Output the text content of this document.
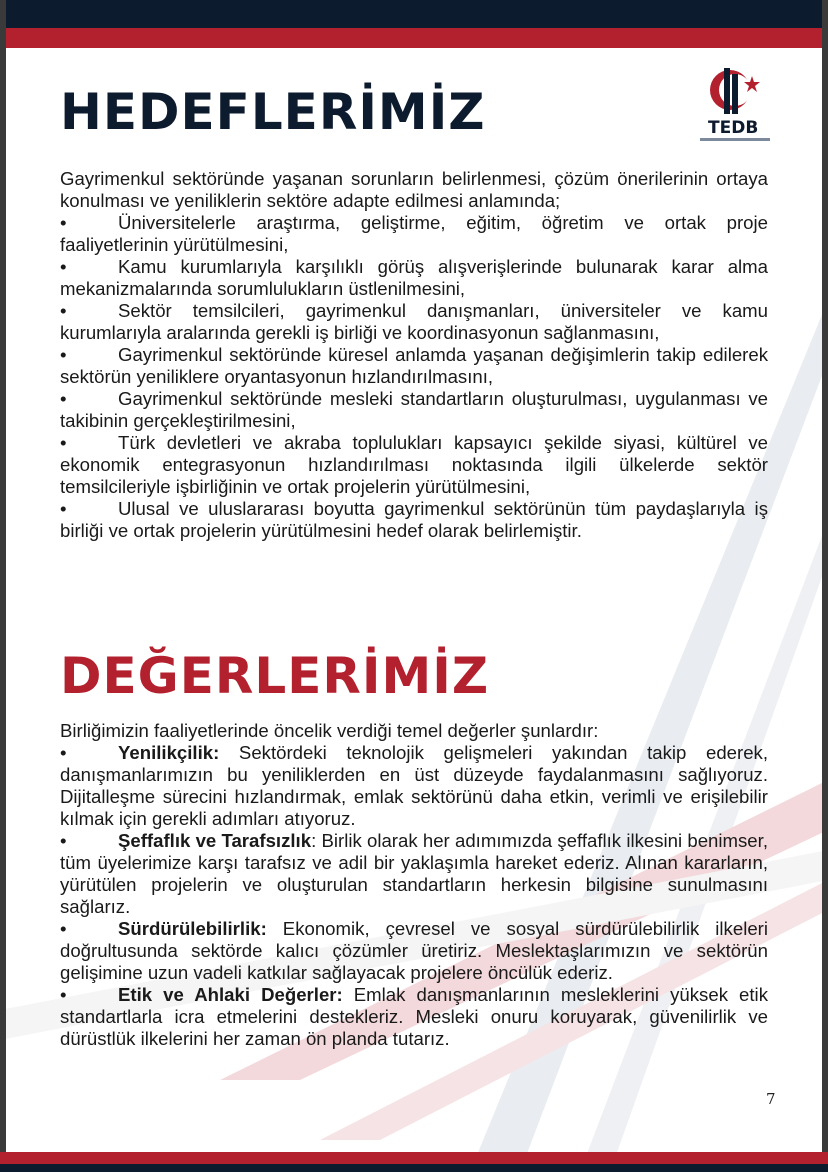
HEDEFLERİMİZ	TEDB

Gayrimenkul sektöründe yaşanan sorunların belirlenmesi, çözüm önerilerinin ortaya konulması ve yeniliklerin sektöre adapte edilmesi anlamında;

•	Üniversitelerle araştırma, geliştirme, eğitim, öğretim ve ortak proje faaliyetlerinin yürütülmesini,

•	Kamu kurumlarıyla karşılıklı görüş alışverişlerinde bulunarak karar alma mekanizmalarında sorumlulukların üstlenilmesini,

•	Sektör temsilcileri, gayrimenkul danışmanları, üniversiteler ve kamu kurumlarıyla aralarında gerekli iş birliği ve koordinasyonun sağlanmasını,

•	Gayrimenkul sektöründe küresel anlamda yaşanan değişimlerin takip edilerek sektörün yeniliklere oryantasyonun hızlandırılmasını,

•	Gayrimenkul sektöründe mesleki standartların oluşturulması, uygulanması ve takibinin gerçekleştirilmesini,

•	Türk devletleri ve akraba toplulukları kapsayıcı şekilde siyasi, kültürel ve ekonomik entegrasyonun hızlandırılması noktasında ilgili ülkelerde sektör temsilcileriyle işbirliğinin ve ortak projelerin yürütülmesini,

•	Ulusal ve uluslararası boyutta gayrimenkul sektörünün tüm paydaşlarıyla iş birliği ve ortak projelerin yürütülmesini hedef olarak belirlemiştir.

DEĞERLERİMİZ

Birliğimizin faaliyetlerinde öncelik verdiği temel değerler şunlardır:

•	Yenilikçilik: Sektördeki teknolojik gelişmeleri yakından takip ederek, danışmanlarımızın bu yeniliklerden en üst düzeyde faydalanmasını sağlıyoruz. Dijitalleşme sürecini hızlandırmak, emlak sektörünü daha etkin, verimli ve erişilebilir kılmak için gerekli adımları atıyoruz.

•	Şeffaflık ve Tarafsızlık: Birlik olarak her adımımızda şeffaflık ilkesini benimser, tüm üyelerimize karşı tarafsız ve adil bir yaklaşımla hareket ederiz. Alınan kararların, yürütülen projelerin ve oluşturulan standartların herkesin bilgisine sunulmasını sağlarız.

•	Sürdürülebilirlik: Ekonomik, çevresel ve sosyal sürdürülebilirlik ilkeleri doğrultusunda sektörde kalıcı çözümler üretiriz. Meslektaşlarımızın ve sektörün gelişimine uzun vadeli katkılar sağlayacak projelere öncülük ederiz.

•	Etik ve Ahlaki Değerler: Emlak danışmanlarının mesleklerini yüksek etik standartlarla icra etmelerini destekleriz. Mesleki onuru koruyarak, güvenilirlik ve dürüstlük ilkelerini her zaman ön planda tutarız.

7
